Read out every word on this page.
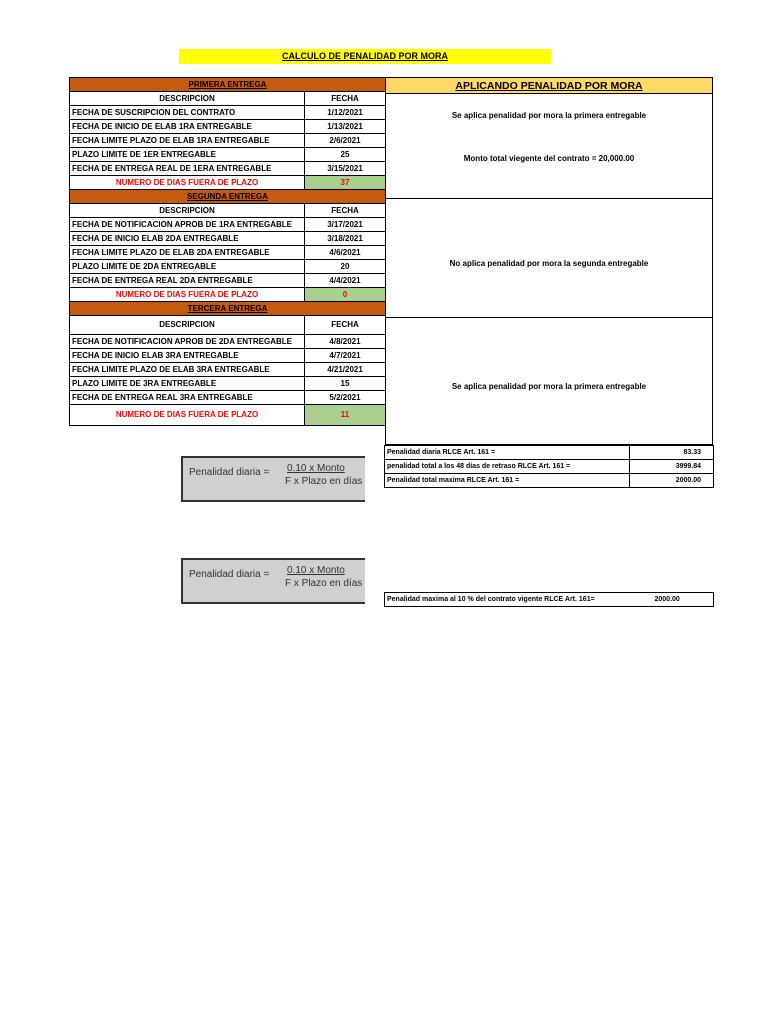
CALCULO DE PENALIDAD POR MORA
PRIMERA ENTREGA	
DESCRIPCION	FECHA
FECHA DE SUSCRIPCION DEL CONTRATO	1/12/2021
FECHA DE INICIO DE ELAB 1RA ENTREGABLE	1/13/2021
FECHA LIMITE PLAZO DE ELAB 1RA ENTREGABLE	2/6/2021
PLAZO LIMITE DE 1ER ENTREGABLE	25
FECHA DE ENTREGA REAL DE 1ERA ENTREGABLE	3/15/2021
NUMERO DE DIAS FUERA DE PLAZO	37
SEGUNDA ENTREGA	
DESCRIPCION	FECHA
FECHA DE NOTIFICACION APROB DE 1RA ENTREGABLE	3/17/2021
FECHA DE INICIO ELAB 2DA ENTREGABLE	3/18/2021
FECHA LIMITE PLAZO DE ELAB 2DA ENTREGABLE	4/6/2021
PLAZO LIMITE DE 2DA ENTREGABLE	20
FECHA DE ENTREGA REAL 2DA ENTREGABLE	4/4/2021
NUMERO DE DIAS FUERA DE PLAZO	0
TERCERA ENTREGA	
DESCRIPCION	FECHA
FECHA DE NOTIFICACION APROB DE 2DA ENTREGABLE	4/8/2021
FECHA DE INICIO ELAB 3RA ENTREGABLE	4/7/2021
FECHA LIMITE PLAZO DE ELAB 3RA ENTREGABLE	4/21/2021
PLAZO LIMITE DE 3RA ENTREGABLE	15
FECHA DE ENTREGA REAL 3RA ENTREGABLE	5/2/2021
NUMERO DE DIAS FUERA DE PLAZO	11
APLICANDO PENALIDAD POR MORA
Se aplica penalidad por mora la primera entregable
Monto total viegente del contrato = 20,000.00
No aplica penalidad por mora la segunda entregable
Se aplica penalidad por mora la primera entregable
Penalidad diaria RLCE Art. 161 =	83.33
penalidad total a los 48 días de retraso RLCE Art. 161 =	3999.84
Penalidad total maxima RLCE Art. 161 =	2000.00
Penalidad diaria = 0.10 x Monto
F x Plazo en días
Penalidad diaria = 0.10 x Monto
F x Plazo en días
Penalidad maxima al 10 % del contrato vigente RLCE Art. 161=	2000.00
